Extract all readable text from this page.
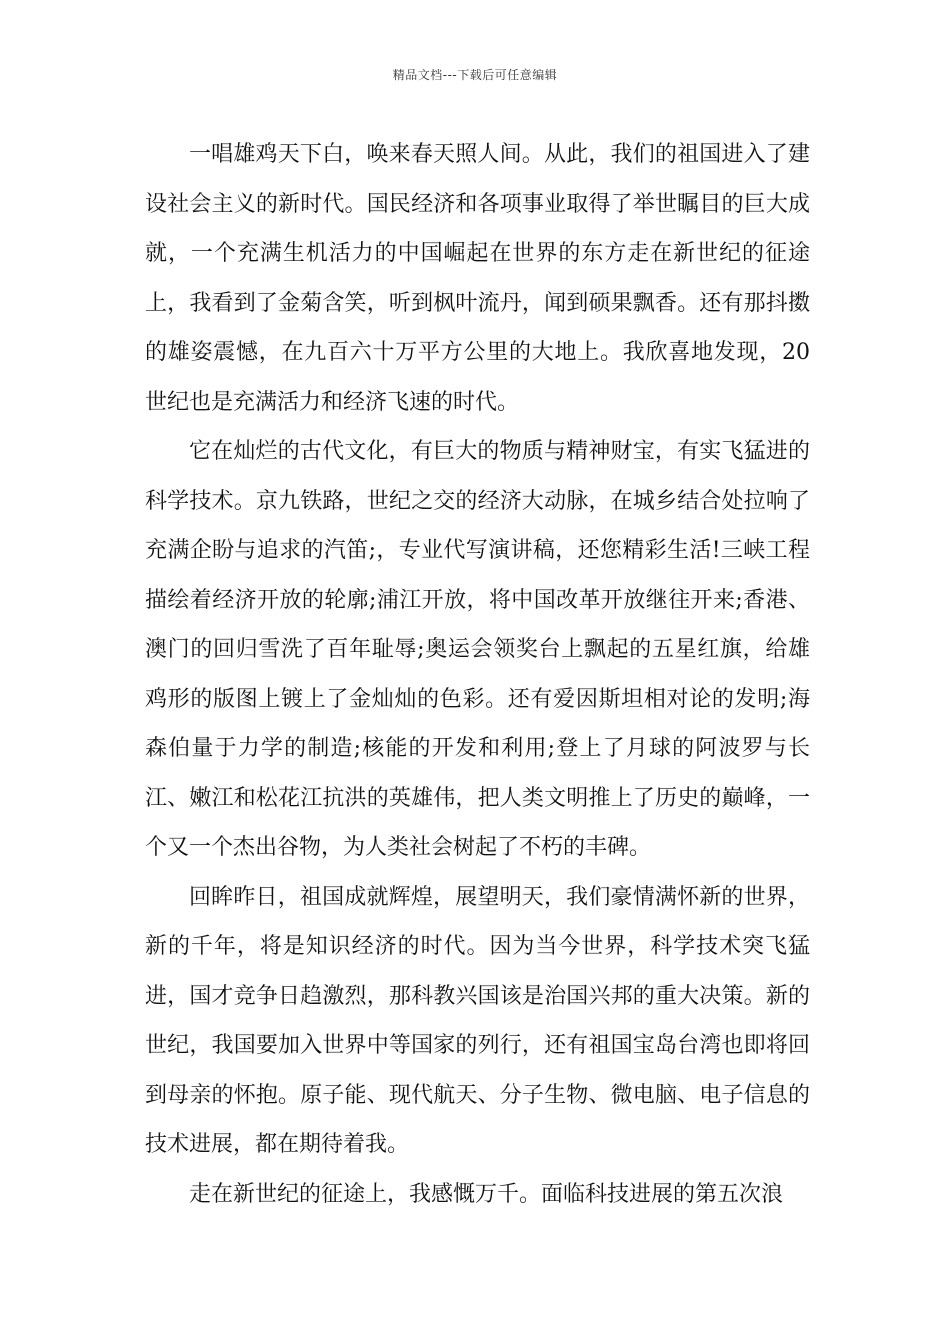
精品文档---下载后可任意编辑

一唱雄鸡天下白，唤来春天照人间。从此，我们的祖国进入了建设社会主义的新时代。国民经济和各项事业取得了举世瞩目的巨大成就，一个充满生机活力的中国崛起在世界的东方走在新世纪的征途上，我看到了金菊含笑，听到枫叶流丹，闻到硕果飘香。还有那抖擞的雄姿震憾，在九百六十万平方公里的大地上。我欣喜地发现，20世纪也是充满活力和经济飞速的时代。

它在灿烂的古代文化，有巨大的物质与精神财宝，有实飞猛进的科学技术。京九铁路，世纪之交的经济大动脉，在城乡结合处拉响了充满企盼与追求的汽笛;，专业代写演讲稿，还您精彩生活!三峡工程描绘着经济开放的轮廓;浦江开放，将中国改革开放继往开来;香港、澳门的回归雪洗了百年耻辱;奥运会领奖台上飘起的五星红旗，给雄鸡形的版图上镀上了金灿灿的色彩。还有爱因斯坦相对论的发明;海森伯量于力学的制造;核能的开发和利用;登上了月球的阿波罗与长江、嫩江和松花江抗洪的英雄伟，把人类文明推上了历史的巅峰，一个又一个杰出谷物，为人类社会树起了不朽的丰碑。

回眸昨日，祖国成就辉煌，展望明天，我们豪情满怀新的世界，新的千年，将是知识经济的时代。因为当今世界，科学技术突飞猛进，国才竞争日趋激烈，那科教兴国该是治国兴邦的重大决策。新的世纪，我国要加入世界中等国家的列行，还有祖国宝岛台湾也即将回到母亲的怀抱。原子能、现代航天、分子生物、微电脑、电子信息的技术进展，都在期待着我。

走在新世纪的征途上，我感慨万千。面临科技进展的第五次浪
